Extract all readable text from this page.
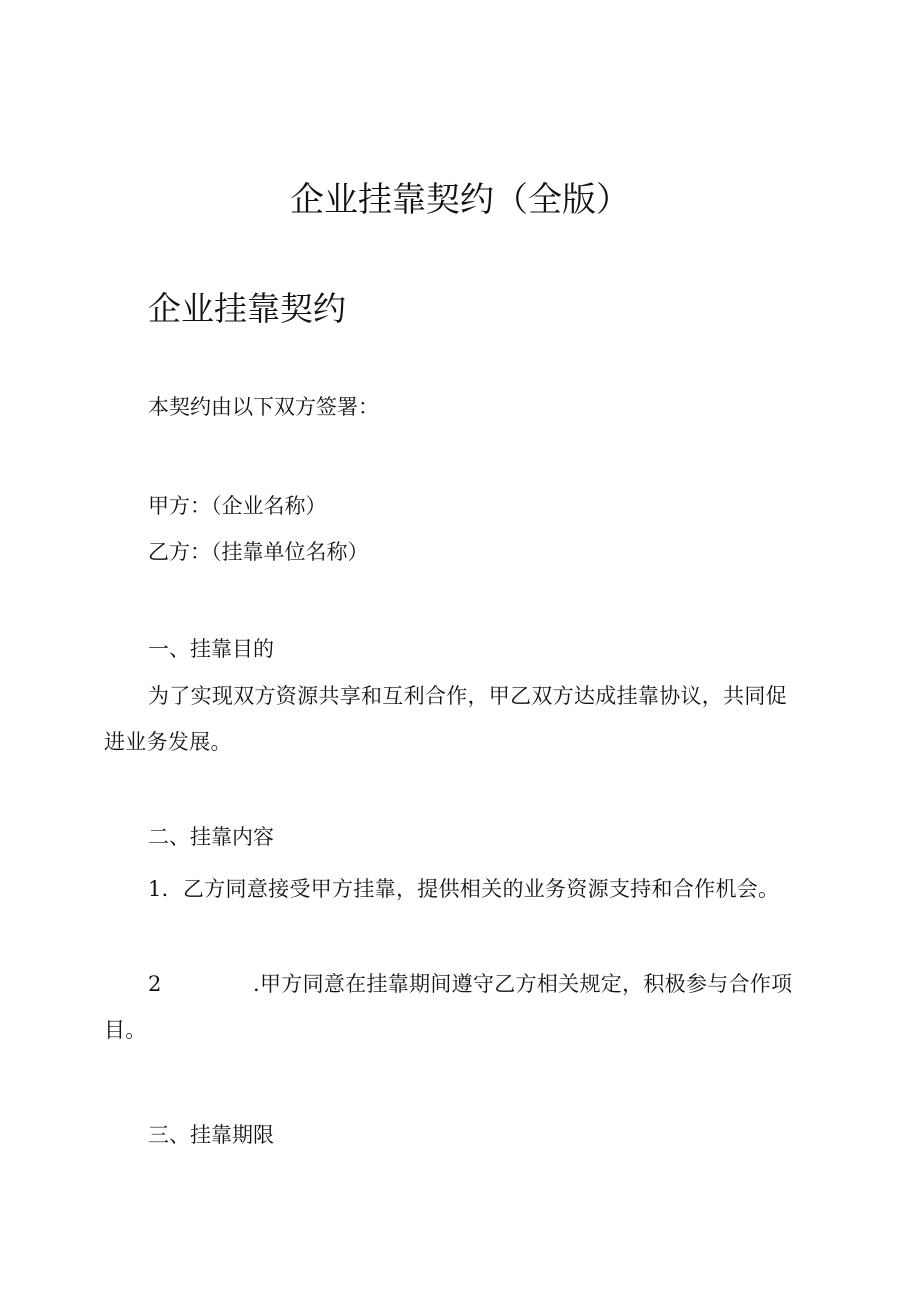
企业挂靠契约（全版）
企业挂靠契约
本契约由以下双方签署：
甲方：（企业名称）
乙方：（挂靠单位名称）
一、挂靠目的
为了实现双方资源共享和互利合作，甲乙双方达成挂靠协议，共同促进业务发展。
二、挂靠内容
1．乙方同意接受甲方挂靠，提供相关的业务资源支持和合作机会。
2	.甲方同意在挂靠期间遵守乙方相关规定，积极参与合作项目。
三、挂靠期限
